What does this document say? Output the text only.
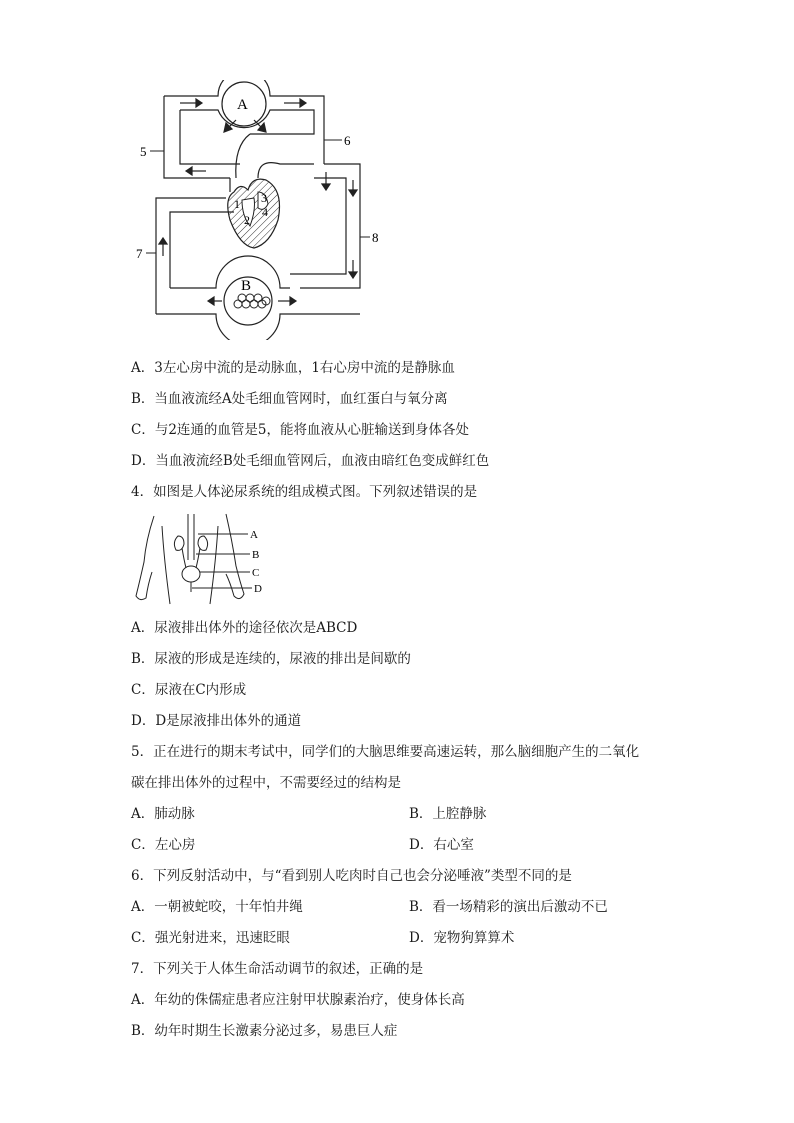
A
B
5
6
7
8
1
2
3
4
A．3左心房中流的是动脉血，1右心房中流的是静脉血
B．当血液流经A处毛细血管网时，血红蛋白与氧分离
C．与2连通的血管是5，能将血液从心脏输送到身体各处
D．当血液流经B处毛细血管网后，血液由暗红色变成鲜红色
4．如图是人体泌尿系统的组成模式图。下列叙述错误的是
A
B
C
D
A．尿液排出体外的途径依次是ABCD
B．尿液的形成是连续的，尿液的排出是间歇的
C．尿液在C内形成
D．D是尿液排出体外的通道
5．正在进行的期末考试中，同学们的大脑思维要高速运转，那么脑细胞产生的二氧化
碳在排出体外的过程中，不需要经过的结构是
A．肺动脉	B．上腔静脉
C．左心房	D．右心室
6．下列反射活动中，与“看到别人吃肉时自己也会分泌唾液”类型不同的是
A．一朝被蛇咬，十年怕井绳	B．看一场精彩的演出后激动不已
C．强光射进来，迅速眨眼	D．宠物狗算算术
7．下列关于人体生命活动调节的叙述，正确的是
A．年幼的侏儒症患者应注射甲状腺素治疗，使身体长高
B．幼年时期生长激素分泌过多，易患巨人症
